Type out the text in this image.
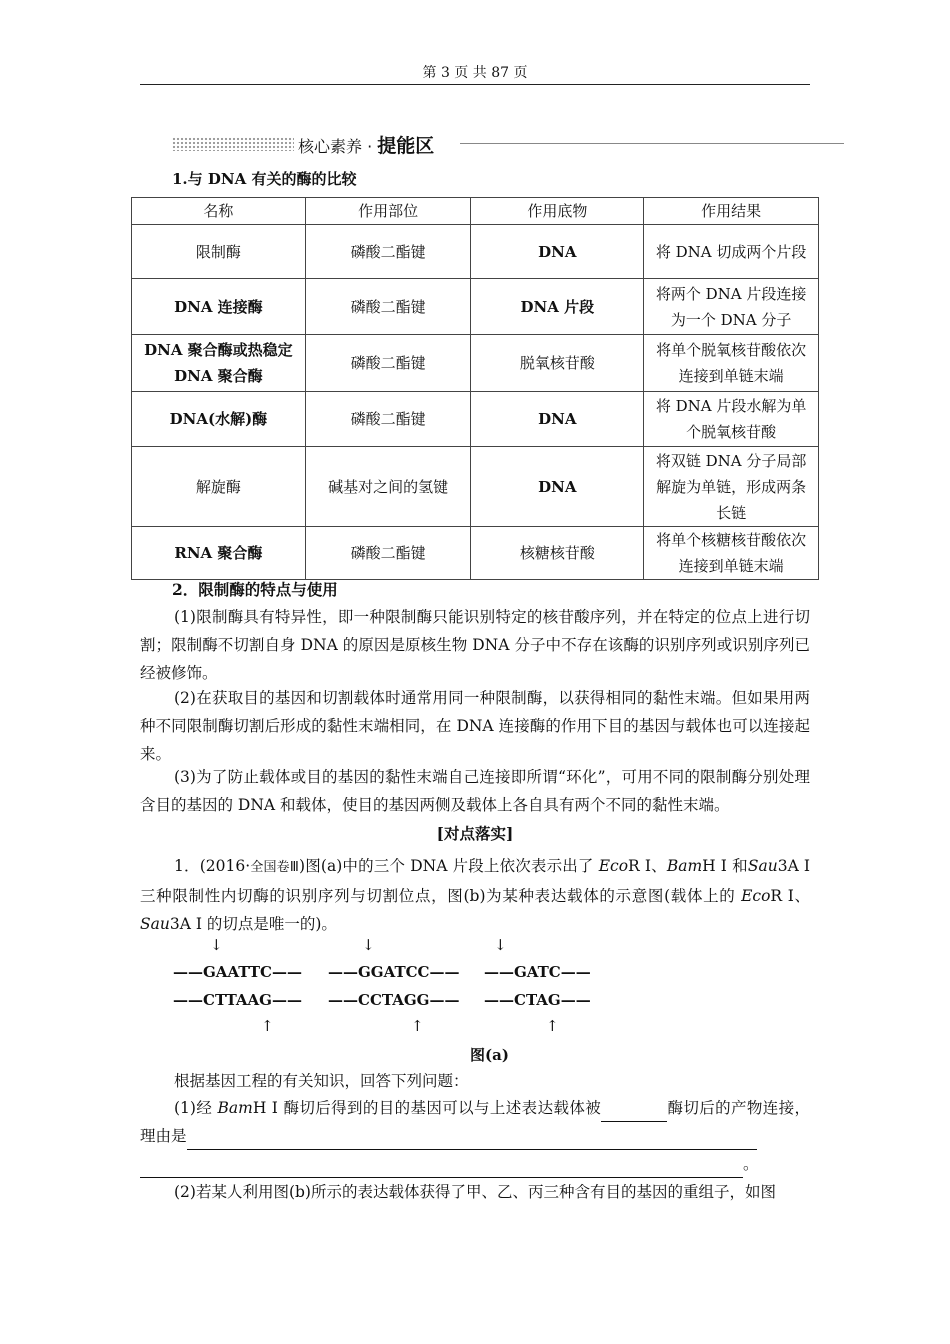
第 3 页 共 87 页
核心素养 · 提能区
1.与 DNA 有关的酶的比较
名称	作用部位	作用底物	作用结果
限制酶	磷酸二酯键	DNA	将 DNA 切成两个片段
DNA 连接酶	磷酸二酯键	DNA 片段	将两个 DNA 片段连接为一个 DNA 分子
DNA 聚合酶或热稳定 DNA 聚合酶	磷酸二酯键	脱氧核苷酸	将单个脱氧核苷酸依次连接到单链末端
DNA(水解)酶	磷酸二酯键	DNA	将 DNA 片段水解为单个脱氧核苷酸
解旋酶	碱基对之间的氢键	DNA	将双链 DNA 分子局部解旋为单链，形成两条长链
RNA 聚合酶	磷酸二酯键	核糖核苷酸	将单个核糖核苷酸依次连接到单链末端
2．限制酶的特点与使用
(1)限制酶具有特异性，即一种限制酶只能识别特定的核苷酸序列，并在特定的位点上进行切割；限制酶不切割自身 DNA 的原因是原核生物 DNA 分子中不存在该酶的识别序列或识别序列已经被修饰。
(2)在获取目的基因和切割载体时通常用同一种限制酶，以获得相同的黏性末端。但如果用两种不同限制酶切割后形成的黏性末端相同，在 DNA 连接酶的作用下目的基因与载体也可以连接起来。
(3)为了防止载体或目的基因的黏性末端自己连接即所谓“环化”，可用不同的限制酶分别处理含目的基因的 DNA 和载体，使目的基因两侧及载体上各自具有两个不同的黏性末端。
[对点落实]
1．(2016·全国卷Ⅲ)图(a)中的三个 DNA 片段上依次表示出了 EcoR Ⅰ、BamH Ⅰ 和Sau3A Ⅰ 三种限制性内切酶的识别序列与切割位点，图(b)为某种表达载体的示意图(载体上的 EcoR Ⅰ、Sau3A Ⅰ 的切点是唯一的)。
↓	↓	↓
——GAATTC—— ——GGATCC—— ——GATC——
——CTTAAG—— ——CCTAGG—— ——CTAG——
↑	↑	↑
图(a)
根据基因工程的有关知识，回答下列问题：
(1)经 BamH Ⅰ 酶切后得到的目的基因可以与上述表达载体被	酶切后的产物连接，理由是
。
(2)若某人利用图(b)所示的表达载体获得了甲、乙、丙三种含有目的基因的重组子，如图
